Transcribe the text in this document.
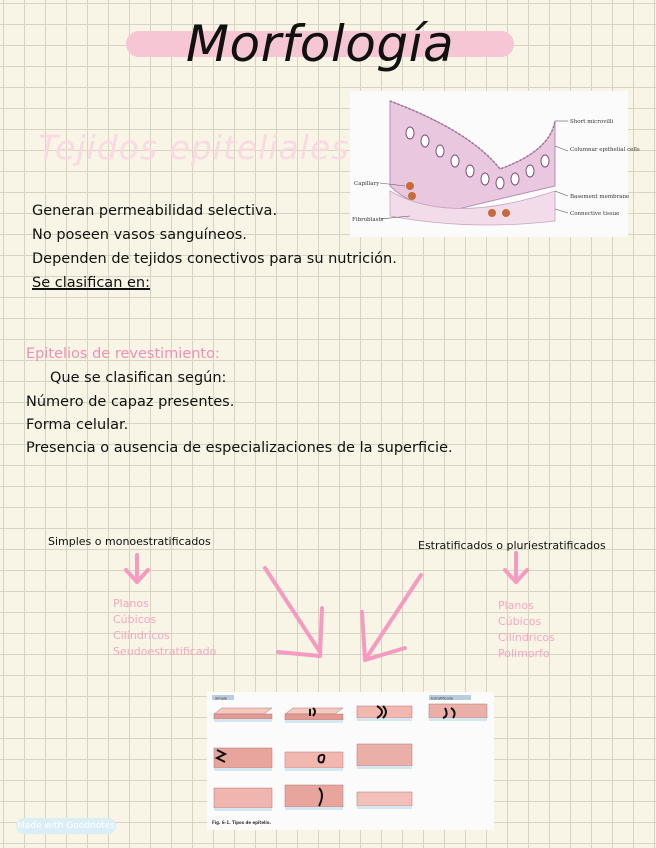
Morfología
Tejidos epiteliales
Short microvilli
Columnar epithelial cells
Basement membrane
Connective tissue
Capillary
Fibroblasts
Generan permeabilidad selectiva.
No poseen vasos sanguíneos.
Dependen de tejidos conectivos para su nutrición.
Se clasifican en:
Epitelios de revestimiento:
Que se clasifican según:
Número de capaz presentes.
Forma celular.
Presencia o ausencia de especializaciones de la superficie.
Simples o monoestratificados
Planos
Cúbicos
Cilíndricos
Seudoestratificado
Estratificados o pluriestratificados
Planos
Cúbicos
Cilíndricos
Polimorfo
Simple	Estratificado
Fig. 6-1. Tipos de epitelio.
Made with Goodnotes
